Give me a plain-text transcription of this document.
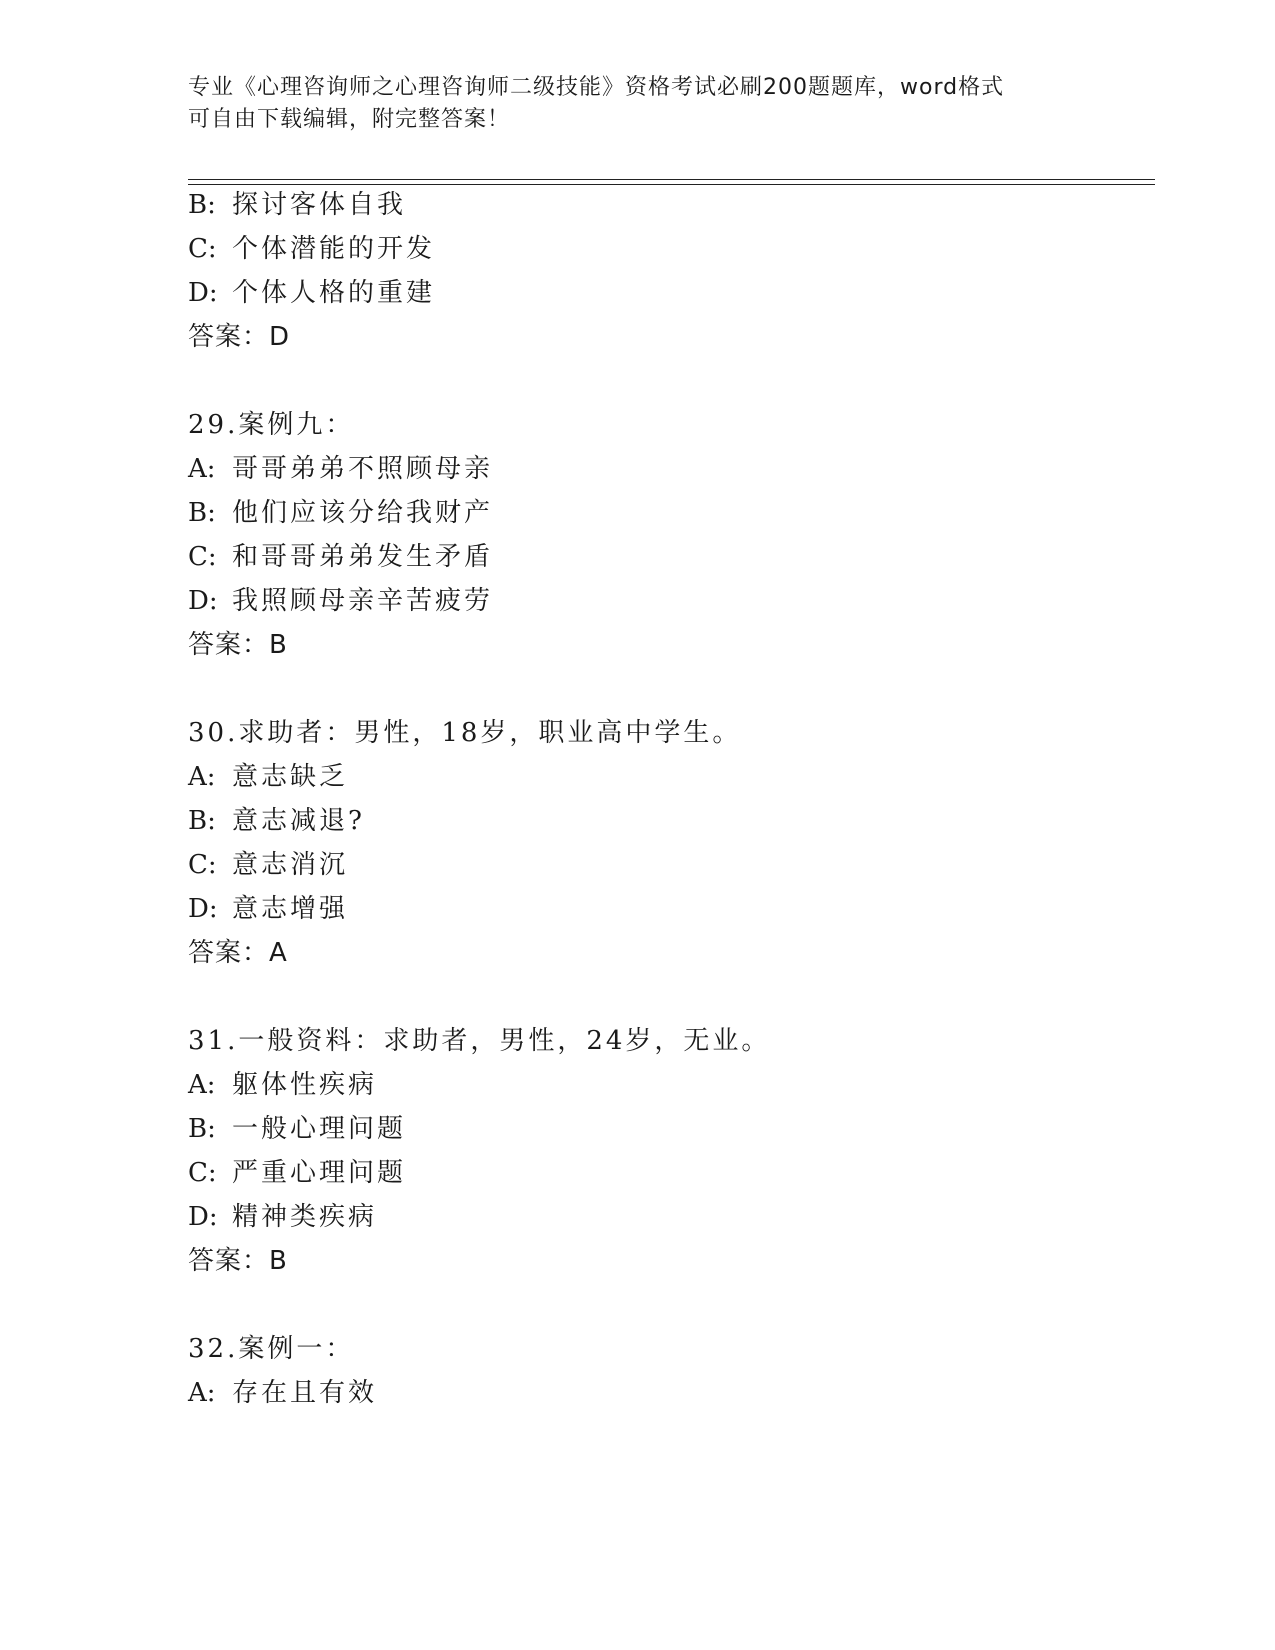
专业《心理咨询师之心理咨询师二级技能》资格考试必刷200题题库，word格式
可自由下载编辑，附完整答案！
B: 探讨客体自我
C: 个体潜能的开发
D: 个体人格的重建
答案：D
29.案例九：
A: 哥哥弟弟不照顾母亲
B: 他们应该分给我财产
C: 和哥哥弟弟发生矛盾
D: 我照顾母亲辛苦疲劳
答案：B
30.求助者：男性，18岁，职业高中学生。
A: 意志缺乏
B: 意志减退?
C: 意志消沉
D: 意志增强
答案：A
31.一般资料：求助者，男性，24岁，无业。
A: 躯体性疾病
B: 一般心理问题
C: 严重心理问题
D: 精神类疾病
答案：B
32.案例一：
A: 存在且有效
